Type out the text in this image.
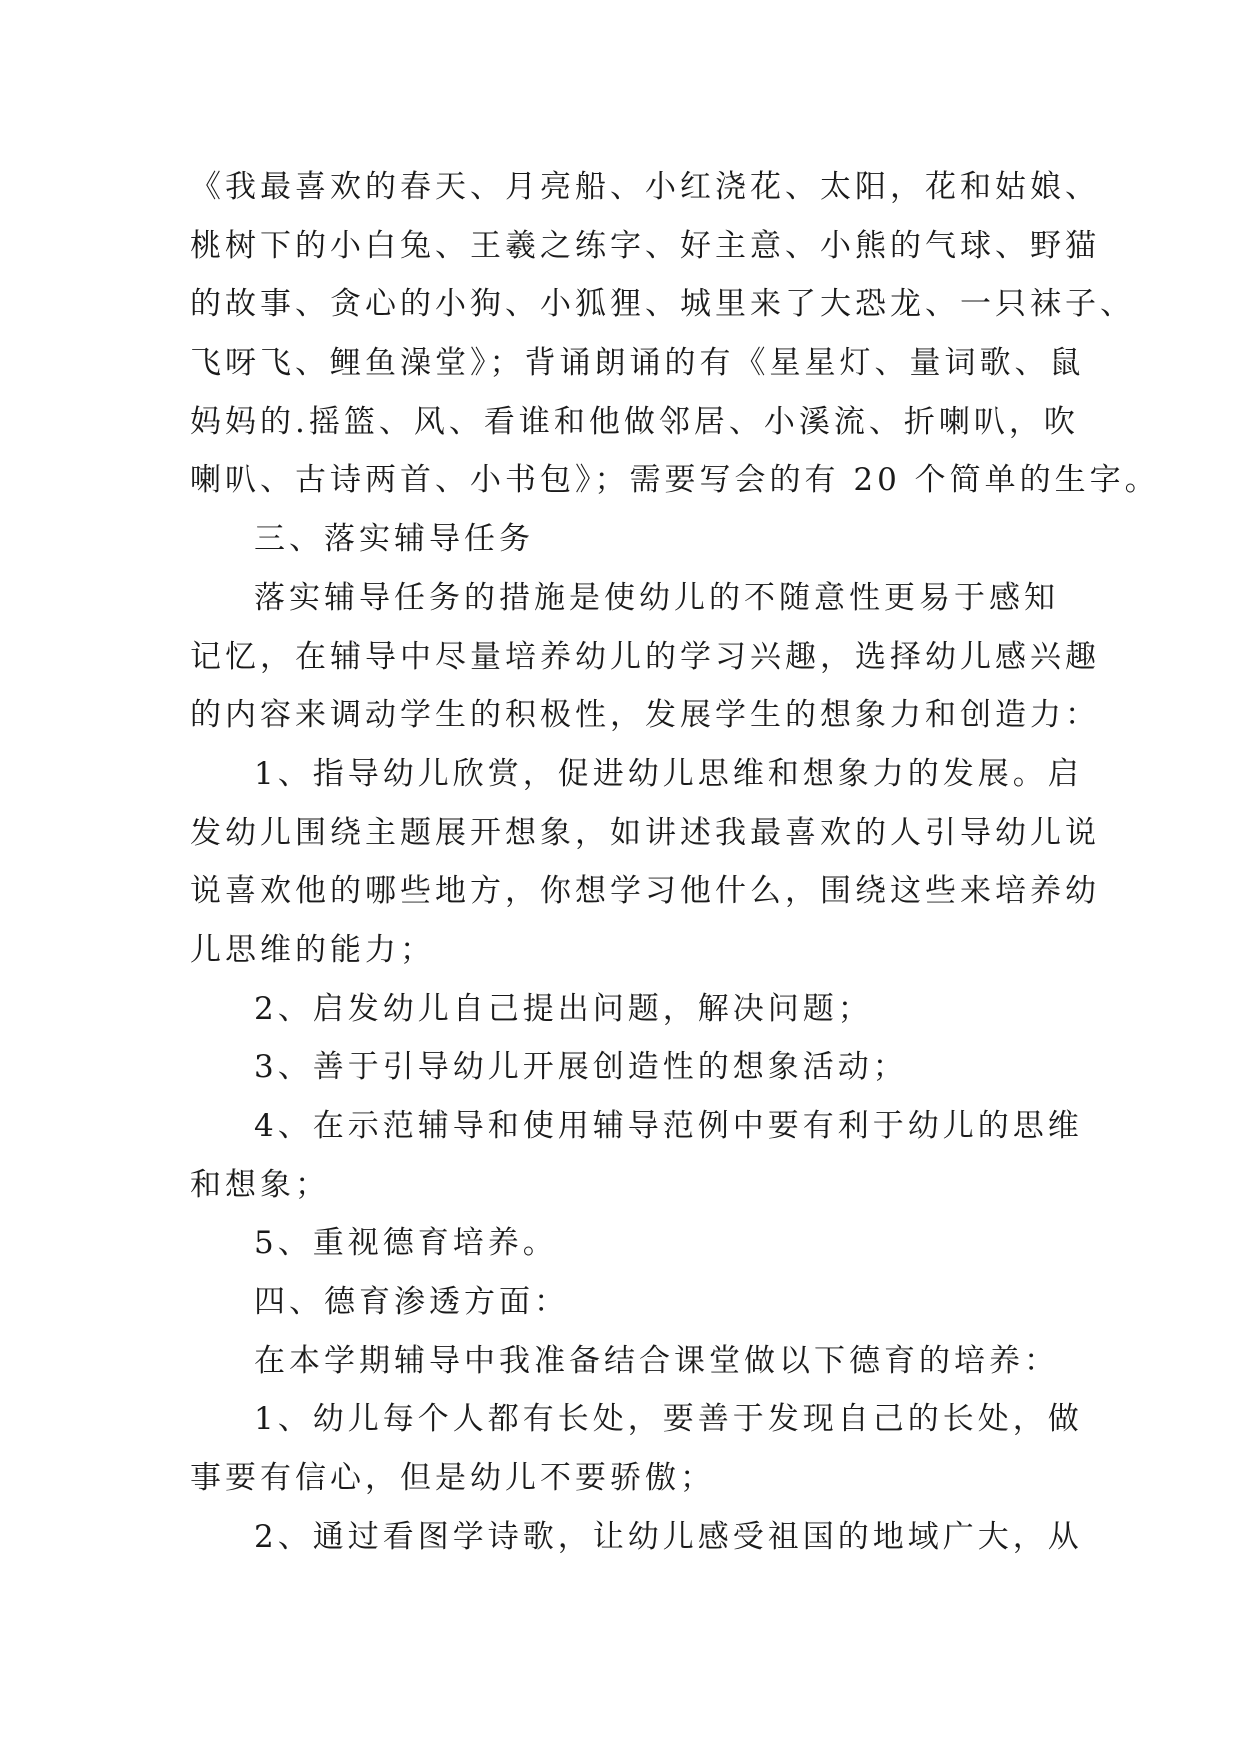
《我最喜欢的春天、月亮船、小红浇花、太阳，花和姑娘、
桃树下的小白兔、王羲之练字、好主意、小熊的气球、野猫
的故事、贪心的小狗、小狐狸、城里来了大恐龙、一只袜子、
飞呀飞、鲤鱼澡堂》；背诵朗诵的有《星星灯、量词歌、鼠
妈妈的.摇篮、风、看谁和他做邻居、小溪流、折喇叭，吹
喇叭、古诗两首、小书包》；需要写会的有 20 个简单的生字。
三、落实辅导任务
落实辅导任务的措施是使幼儿的不随意性更易于感知
记忆，在辅导中尽量培养幼儿的学习兴趣，选择幼儿感兴趣
的内容来调动学生的积极性，发展学生的想象力和创造力：
1、指导幼儿欣赏，促进幼儿思维和想象力的发展。启
发幼儿围绕主题展开想象，如讲述我最喜欢的人引导幼儿说
说喜欢他的哪些地方，你想学习他什么，围绕这些来培养幼
儿思维的能力；
2、启发幼儿自己提出问题，解决问题；
3、善于引导幼儿开展创造性的想象活动；
4、在示范辅导和使用辅导范例中要有利于幼儿的思维
和想象；
5、重视德育培养。
四、德育渗透方面：
在本学期辅导中我准备结合课堂做以下德育的培养：
1、幼儿每个人都有长处，要善于发现自己的长处，做
事要有信心，但是幼儿不要骄傲；
2、通过看图学诗歌，让幼儿感受祖国的地域广大，从
